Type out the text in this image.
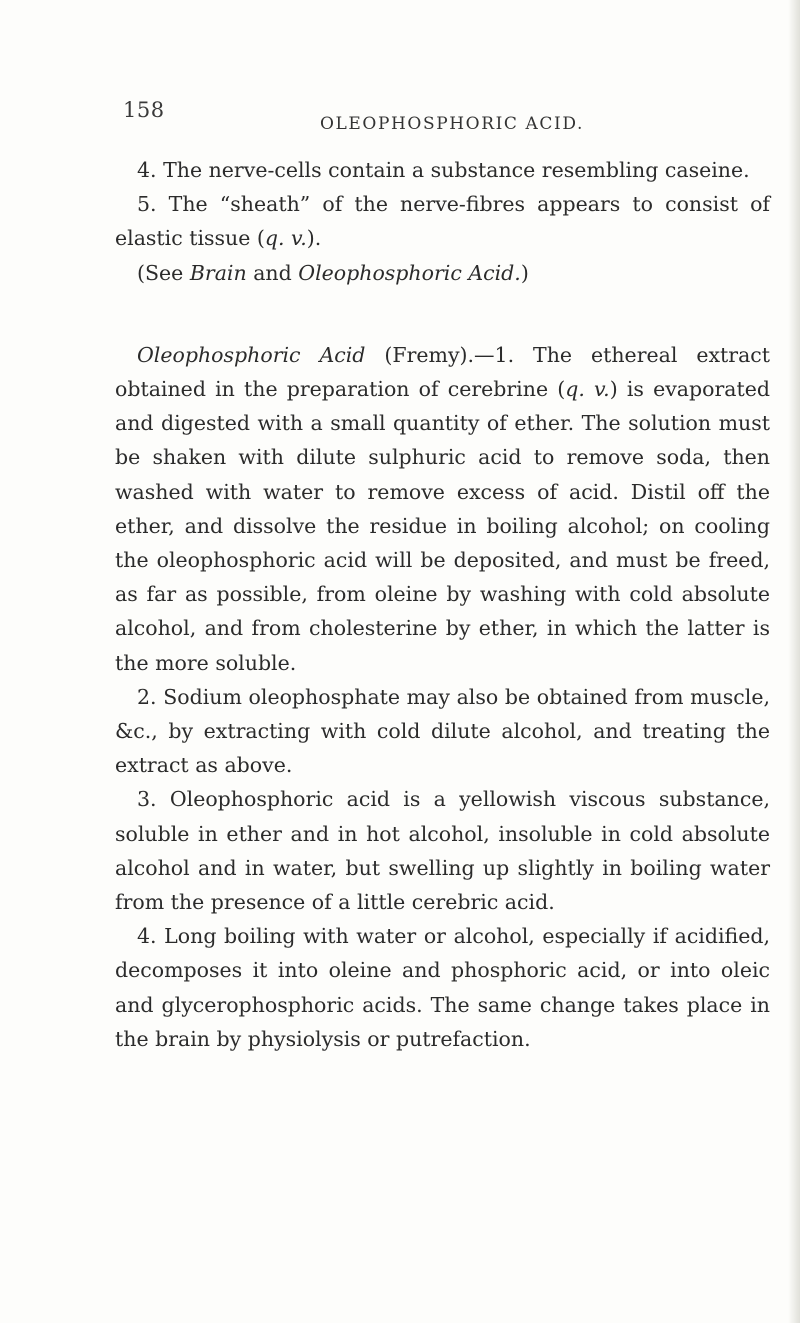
158
OLEOPHOSPHORIC ACID.

4. The nerve-cells contain a substance resembling caseine.

5. The “sheath” of the nerve-fibres appears to consist of elastic tissue (q. v.).

(See Brain and Oleophosphoric Acid.)

Oleophosphoric Acid (Fremy).—1. The ethereal extract obtained in the preparation of cerebrine (q. v.) is evaporated and digested with a small quantity of ether. The solution must be shaken with dilute sulphuric acid to remove soda, then washed with water to remove excess of acid. Distil off the ether, and dissolve the residue in boiling alcohol; on cooling the oleophosphoric acid will be deposited, and must be freed, as far as possible, from oleine by washing with cold absolute alcohol, and from cholesterine by ether, in which the latter is the more soluble.

2. Sodium oleophosphate may also be obtained from muscle, &c., by extracting with cold dilute alcohol, and treating the extract as above.

3. Oleophosphoric acid is a yellowish viscous substance, soluble in ether and in hot alcohol, insoluble in cold absolute alcohol and in water, but swelling up slightly in boiling water from the presence of a little cerebric acid.

4. Long boiling with water or alcohol, especially if acidified, decomposes it into oleine and phosphoric acid, or into oleic and glycerophosphoric acids. The same change takes place in the brain by physiolysis or putrefaction.
